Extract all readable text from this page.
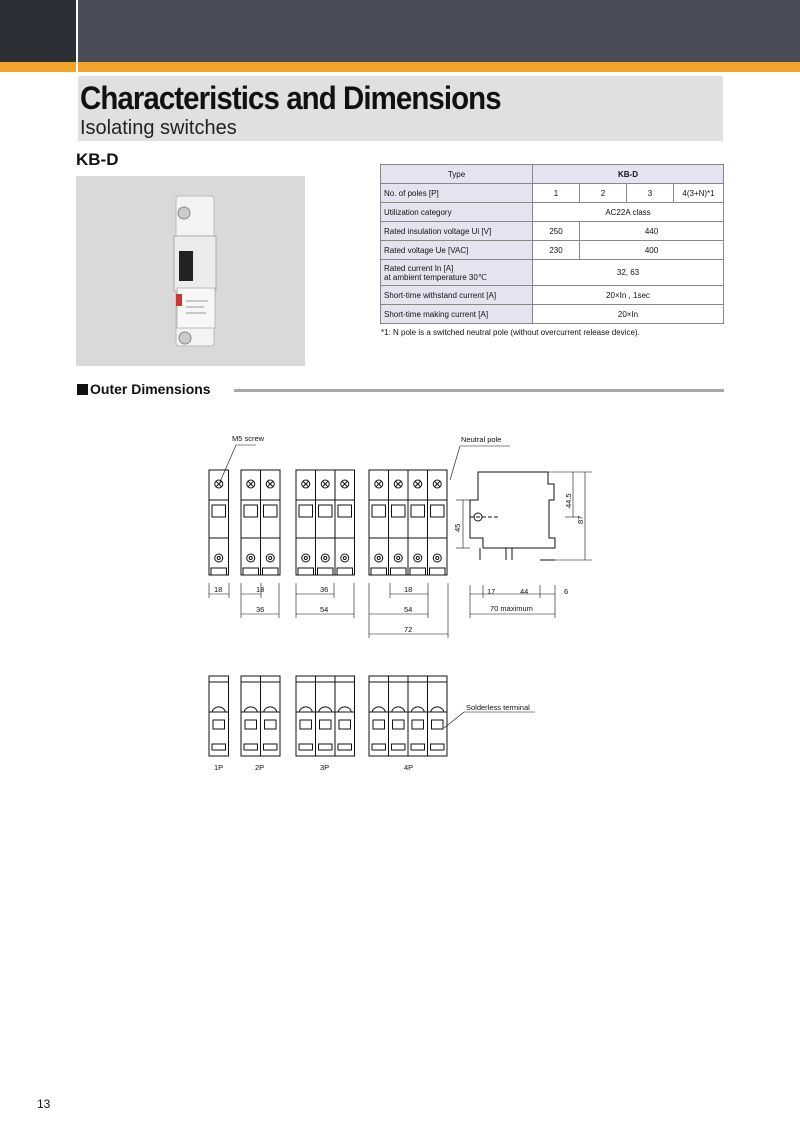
Characteristics and Dimensions
Isolating switches
KB-D
Type	KB-D			
No. of poles [P]	1	2	3	4(3+N)*1
Utilization category	AC22A class			
Rated insulation voltage Ui [V]	250	440		
Rated voltage Ue [VAC]	230	400		

Rated current In [A]
at ambient temperature 30℃	32, 63			
Short-time withstand current [A]	20×In , 1sec			
Short-time making current [A]	20×In			
*1: N pole is a switched neutral pole (without overcurrent release device).
Outer Dimensions
M5 screw	Neutral pole
Solderless terminal
18	18
36
36
54
18
54
72
17	44	6
70 maximum
45
44.5
87
1P	2P	3P	4P
13
